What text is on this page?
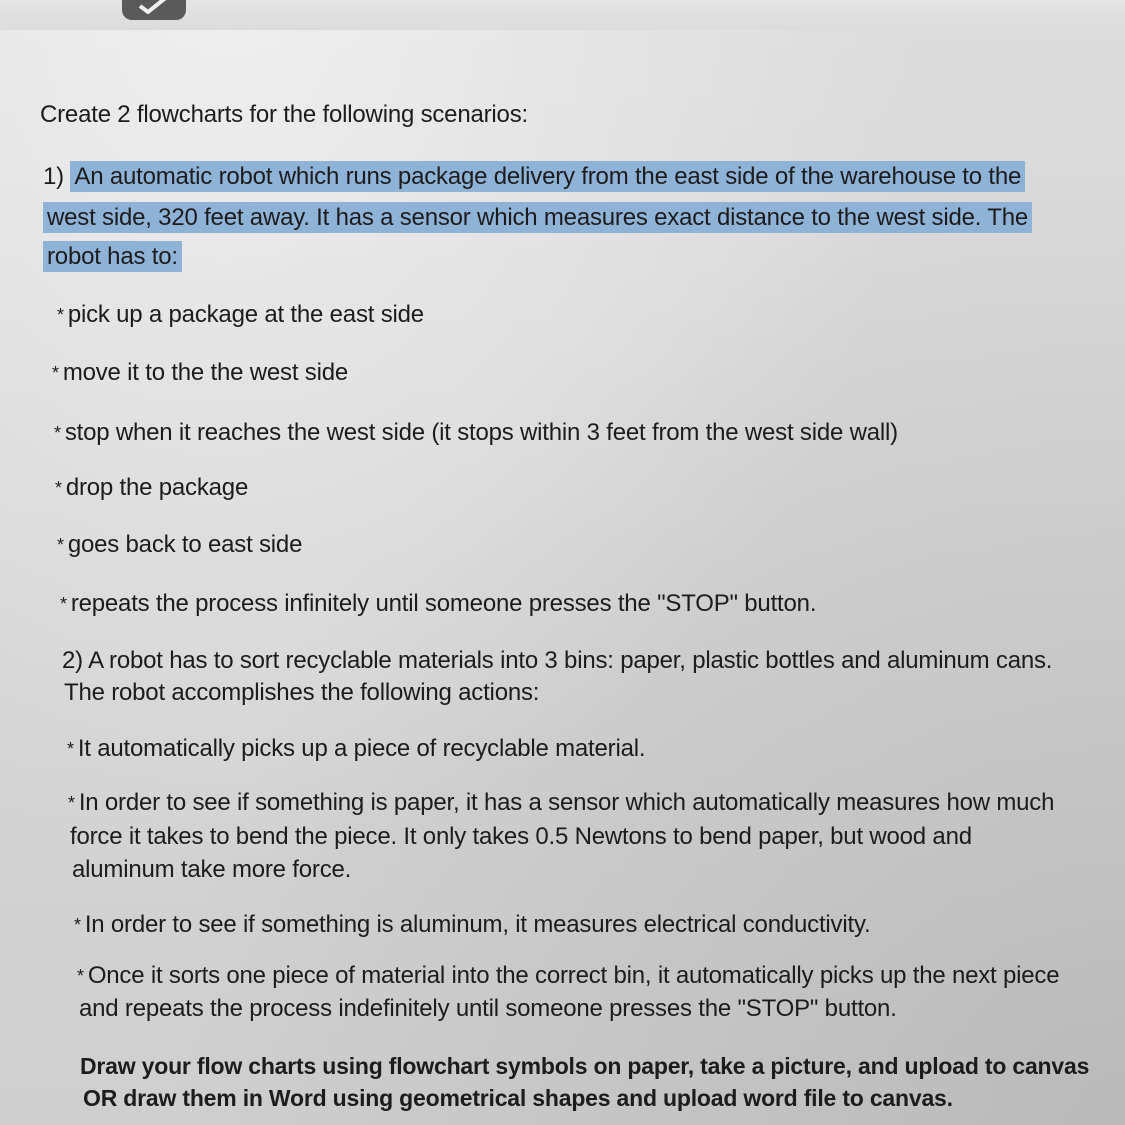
Create 2 flowcharts for the following scenarios:
1) An automatic robot which runs package delivery from the east side of the warehouse to the
west side, 320 feet away. It has a sensor which measures exact distance to the west side. The
robot has to:
* pick up a package at the east side
* move it to the the west side
* stop when it reaches the west side (it stops within 3 feet from the west side wall)
* drop the package
* goes back to east side
* repeats the process infinitely until someone presses the "STOP" button.
2) A robot has to sort recyclable materials into 3 bins: paper, plastic bottles and aluminum cans.
The robot accomplishes the following actions:
* It automatically picks up a piece of recyclable material.
* In order to see if something is paper, it has a sensor which automatically measures how much
force it takes to bend the piece. It only takes 0.5 Newtons to bend paper, but wood and
aluminum take more force.
* In order to see if something is aluminum, it measures electrical conductivity.
* Once it sorts one piece of material into the correct bin, it automatically picks up the next piece
and repeats the process indefinitely until someone presses the "STOP" button.
Draw your flow charts using flowchart symbols on paper, take a picture, and upload to canvas
OR draw them in Word using geometrical shapes and upload word file to canvas.
